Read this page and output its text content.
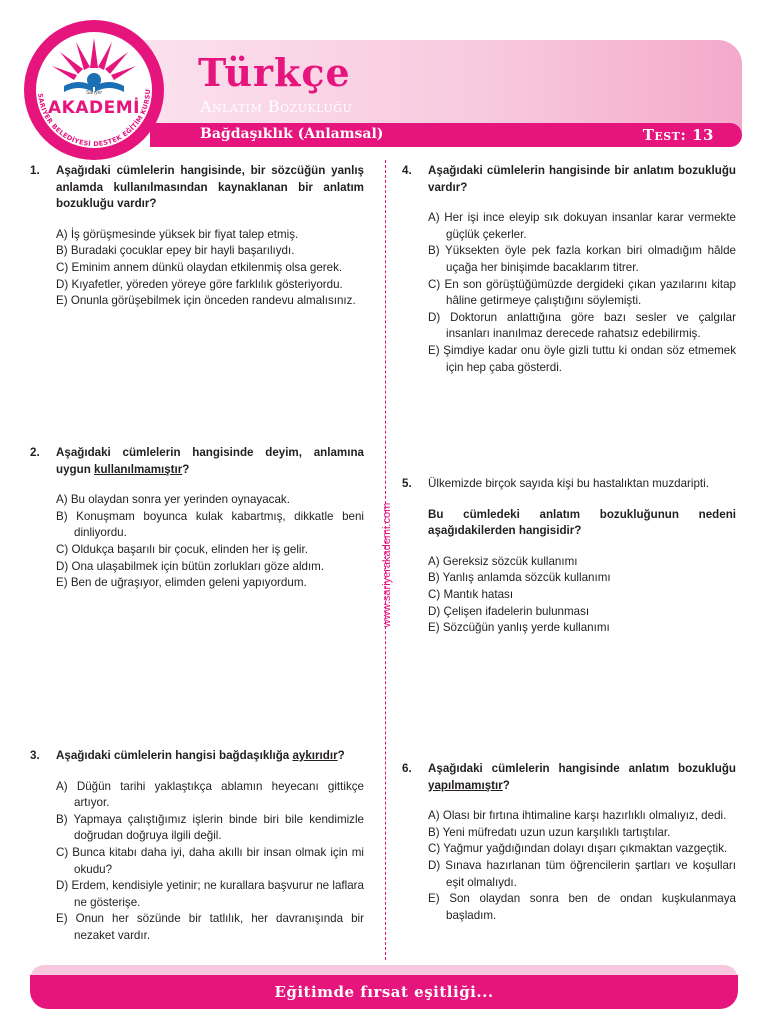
Türkçe
Anlatım Bozukluğu
Bağdaşıklık (Anlamsal)	Test: 13
SARIYER BELEDİYESİ DESTEK EĞİTİM KURSU
Sarıyer
AKADEMİ
www.sariyerakademi.com
1.	Aşağıdaki cümlelerin hangisinde, bir sözcüğün yanlış anlamda kullanılmasından kaynaklanan bir anlatım bozukluğu vardır?
A) İş görüşmesinde yüksek bir fiyat talep etmiş.
B) Buradaki çocuklar epey bir hayli başarılıydı.
C) Eminim annem dünkü olaydan etkilenmiş olsa gerek.
D) Kıyafetler, yöreden yöreye göre farklılık gösteriyordu.
E) Onunla görüşebilmek için önceden randevu almalısınız.
2.	Aşağıdaki cümlelerin hangisinde deyim, anlamına uygun kullanılmamıştır?
A) Bu olaydan sonra yer yerinden oynayacak.
B) Konuşmam boyunca kulak kabartmış, dikkatle beni dinliyordu.
C) Oldukça başarılı bir çocuk, elinden her iş gelir.
D) Ona ulaşabilmek için bütün zorlukları göze aldım.
E) Ben de uğraşıyor, elimden geleni yapıyordum.
3.	Aşağıdaki cümlelerin hangisi bağdaşıklığa aykırıdır?
A) Düğün tarihi yaklaştıkça ablamın heyecanı gittikçe artıyor.
B) Yapmaya çalıştığımız işlerin binde biri bile kendimizle doğrudan doğruya ilgili değil.
C) Bunca kitabı daha iyi, daha akıllı bir insan olmak için mi okudu?
D) Erdem, kendisiyle yetinir; ne kurallara başvurur ne laflara ne gösterişe.
E) Onun her sözünde bir tatlılık, her davranışında bir nezaket vardır.
4.	Aşağıdaki cümlelerin hangisinde bir anlatım bozukluğu vardır?
A) Her işi ince eleyip sık dokuyan insanlar karar vermekte güçlük çekerler.
B) Yüksekten öyle pek fazla korkan biri olmadığım hâlde uçağa her binişimde bacaklarım titrer.
C) En son görüştüğümüzde dergideki çıkan yazılarını kitap hâline getirmeye çalıştığını söylemişti.
D) Doktorun anlattığına göre bazı sesler ve çalgılar insanları inanılmaz derecede rahatsız edebilirmiş.
E) Şimdiye kadar onu öyle gizli tuttu ki ondan söz etmemek için hep çaba gösterdi.
5.	Ülkemizde birçok sayıda kişi bu hastalıktan muzdaripti.
Bu cümledeki anlatım bozukluğunun nedeni aşağıdakilerden hangisidir?
A) Gereksiz sözcük kullanımı
B) Yanlış anlamda sözcük kullanımı
C) Mantık hatası
D) Çelişen ifadelerin bulunması
E) Sözcüğün yanlış yerde kullanımı
6.	Aşağıdaki cümlelerin hangisinde anlatım bozukluğu yapılmamıştır?
A) Olası bir fırtına ihtimaline karşı hazırlıklı olmalıyız, dedi.
B) Yeni müfredatı uzun uzun karşılıklı tartıştılar.
C) Yağmur yağdığından dolayı dışarı çıkmaktan vazgeçtik.
D) Sınava hazırlanan tüm öğrencilerin şartları ve koşulları eşit olmalıydı.
E) Son olaydan sonra ben de ondan kuşkulanmaya başladım.
Eğitimde fırsat eşitliği...
